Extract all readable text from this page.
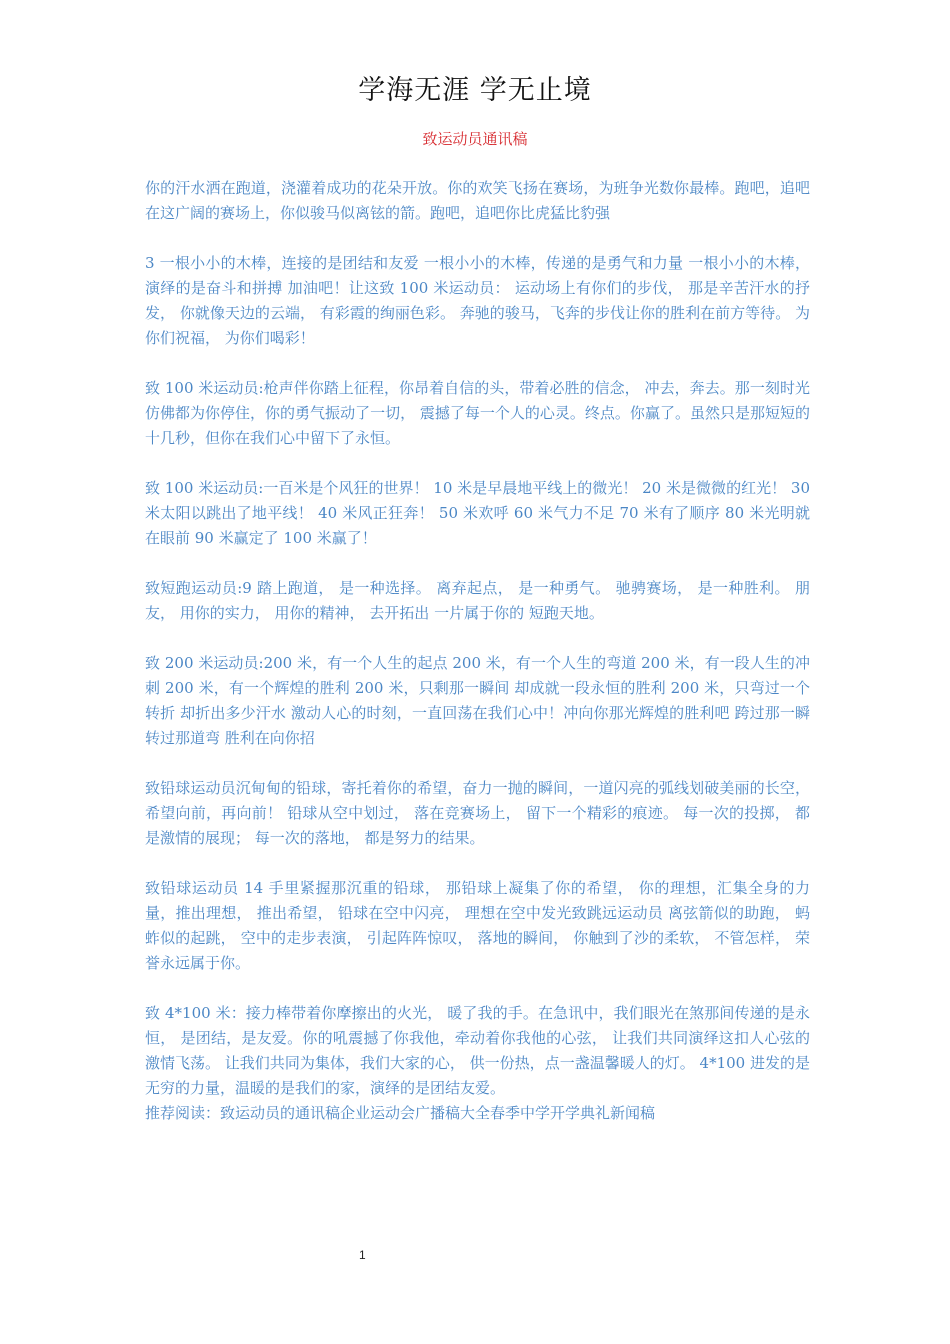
学海无涯 学无止境
致运动员通讯稿

你的汗水洒在跑道，浇灌着成功的花朵开放。你的欢笑飞扬在赛场，为班争光数你最棒。跑吧，追吧在这广阔的赛场上，你似骏马似离铉的箭。跑吧，追吧你比虎猛比豹强

3 一根小小的木棒，连接的是团结和友爱 一根小小的木棒，传递的是勇气和力量 一根小小的木棒，演绎的是奋斗和拼搏 加油吧！让这致 100 米运动员： 运动场上有你们的步伐， 那是辛苦汗水的抒发， 你就像天边的云端， 有彩霞的绚丽色彩。 奔驰的骏马，飞奔的步伐让你的胜利在前方等待。 为你们祝福， 为你们喝彩！

致 100 米运动员:枪声伴你踏上征程，你昂着自信的头，带着必胜的信念， 冲去，奔去。那一刻时光仿佛都为你停住，你的勇气振动了一切， 震撼了每一个人的心灵。终点。你赢了。虽然只是那短短的十几秒，但你在我们心中留下了永恒。

致 100 米运动员:一百米是个风狂的世界！ 10 米是早晨地平线上的微光！ 20 米是微微的红光！ 30 米太阳以跳出了地平线！ 40 米风正狂奔！ 50 米欢呼 60 米气力不足 70 米有了顺序 80 米光明就在眼前 90 米赢定了 100 米赢了！

致短跑运动员:9 踏上跑道， 是一种选择。 离弃起点， 是一种勇气。 驰骋赛场， 是一种胜利。 朋友， 用你的实力， 用你的精神， 去开拓出 一片属于你的 短跑天地。

致 200 米运动员:200 米，有一个人生的起点 200 米，有一个人生的弯道 200 米，有一段人生的冲刺 200 米，有一个辉煌的胜利 200 米，只剩那一瞬间 却成就一段永恒的胜利 200 米，只弯过一个转折 却折出多少汗水 激动人心的时刻，一直回荡在我们心中！冲向你那光辉煌的胜利吧 跨过那一瞬 转过那道弯 胜利在向你招

致铅球运动员沉甸甸的铅球，寄托着你的希望，奋力一抛的瞬间，一道闪亮的弧线划破美丽的长空， 希望向前，再向前！ 铅球从空中划过， 落在竞赛场上， 留下一个精彩的痕迹。 每一次的投掷， 都是激情的展现； 每一次的落地， 都是努力的结果。

致铅球运动员 14 手里紧握那沉重的铅球， 那铅球上凝集了你的希望， 你的理想，汇集全身的力量，推出理想， 推出希望， 铅球在空中闪亮， 理想在空中发光致跳远运动员 离弦箭似的助跑， 蚂蚱似的起跳， 空中的走步表演， 引起阵阵惊叹， 落地的瞬间， 你触到了沙的柔软， 不管怎样， 荣誉永远属于你。

致 4*100 米：接力棒带着你摩擦出的火光， 暖了我的手。在急讯中，我们眼光在煞那间传递的是永恒， 是团结，是友爱。你的吼震撼了你我他，牵动着你我他的心弦， 让我们共同演绎这扣人心弦的激情飞荡。 让我们共同为集体，我们大家的心， 供一份热，点一盏温馨暖人的灯。 4*100 进发的是无穷的力量，温暖的是我们的家，演绎的是团结友爱。

推荐阅读：致运动员的通讯稿企业运动会广播稿大全春季中学开学典礼新闻稿

1
